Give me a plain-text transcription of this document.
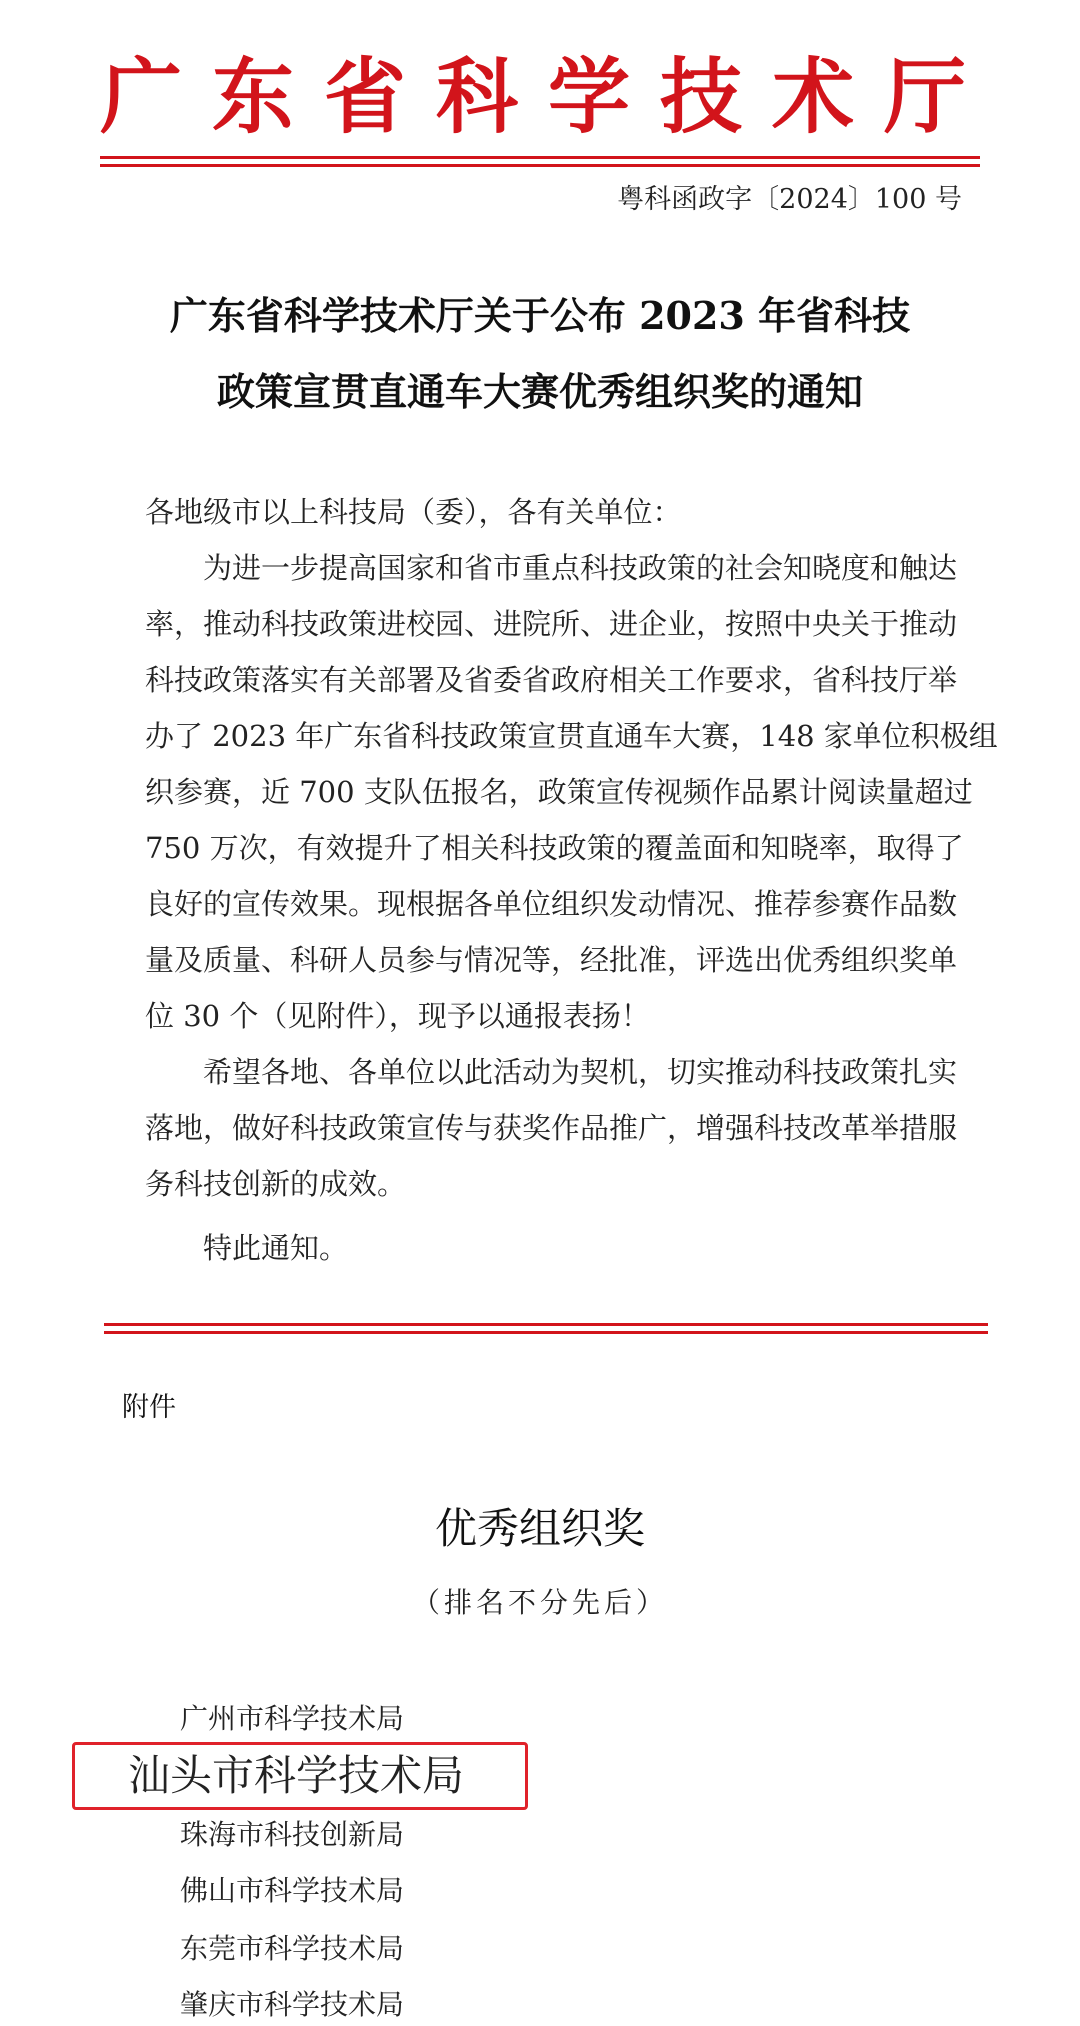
广东省科学技术厅
粤科函政字〔2024〕100 号
广东省科学技术厅关于公布 2023 年省科技
政策宣贯直通车大赛优秀组织奖的通知
各地级市以上科技局（委），各有关单位：
　　为进一步提高国家和省市重点科技政策的社会知晓度和触达
率，推动科技政策进校园、进院所、进企业，按照中央关于推动
科技政策落实有关部署及省委省政府相关工作要求，省科技厅举
办了 2023 年广东省科技政策宣贯直通车大赛，148 家单位积极组
织参赛，近 700 支队伍报名，政策宣传视频作品累计阅读量超过
750 万次，有效提升了相关科技政策的覆盖面和知晓率，取得了
良好的宣传效果。现根据各单位组织发动情况、推荐参赛作品数
量及质量、科研人员参与情况等，经批准，评选出优秀组织奖单
位 30 个（见附件），现予以通报表扬！
　　希望各地、各单位以此活动为契机，切实推动科技政策扎实
落地，做好科技政策宣传与获奖作品推广，增强科技改革举措服
务科技创新的成效。
　　特此通知。
附件
优秀组织奖
（排名不分先后）
广州市科学技术局
汕头市科学技术局
珠海市科技创新局
佛山市科学技术局
东莞市科学技术局
肇庆市科学技术局
